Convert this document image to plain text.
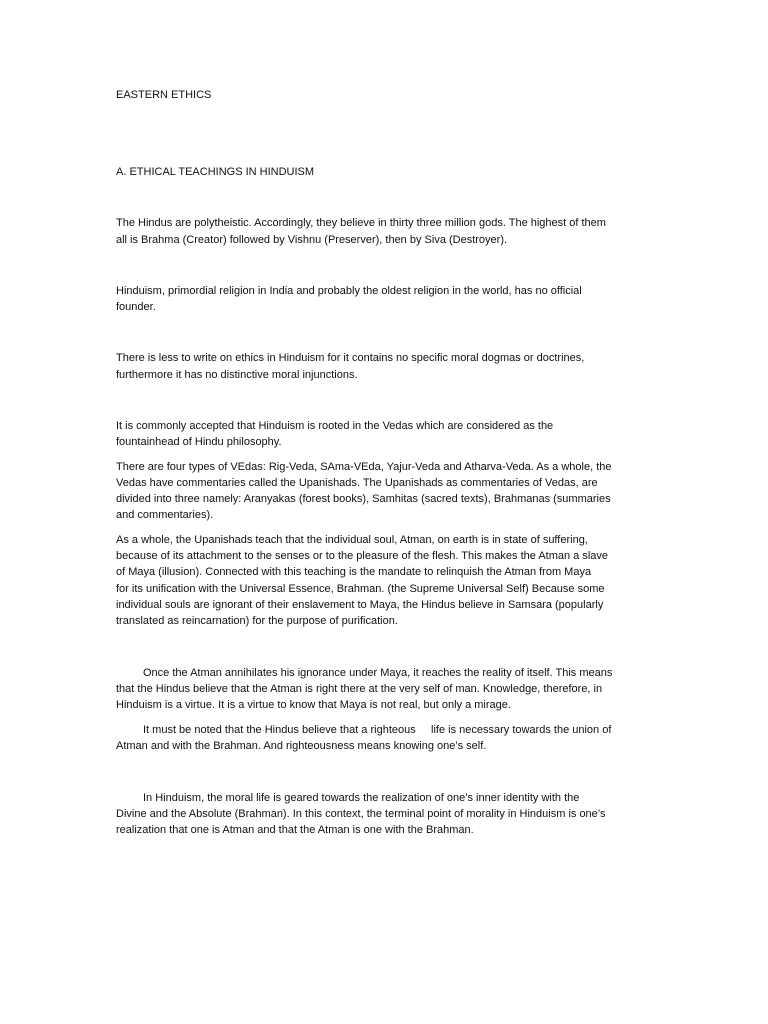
EASTERN ETHICS

A. ETHICAL TEACHINGS IN HINDUISM

The Hindus are polytheistic. Accordingly, they believe in thirty three million gods. The highest of them

all is Brahma (Creator) followed by Vishnu (Preserver), then by Siva (Destroyer).

Hinduism, primordial religion in India and probably the oldest religion in the world, has no official

founder.

There is less to write on ethics in Hinduism for it contains no specific moral dogmas or doctrines,

furthermore it has no distinctive moral injunctions.

It is commonly accepted that Hinduism is rooted in the Vedas which are considered as the

fountainhead of Hindu philosophy.

There are four types of VEdas: Rig-Veda, SAma-VEda, Yajur-Veda and Atharva-Veda. As a whole, the

Vedas have commentaries called the Upanishads. The Upanishads as commentaries of Vedas, are

divided into three namely: Aranyakas (forest books), Samhitas (sacred texts), Brahmanas (summaries

and commentaries).

As a whole, the Upanishads teach that the individual soul, Atman, on earth is in state of suffering,

because of its attachment to the senses or to the pleasure of the flesh. This makes the Atman a slave

of Maya (illusion). Connected with this teaching is the mandate to relinquish the Atman from Maya

for its unification with the Universal Essence, Brahman. (the Supreme Universal Self) Because some

individual souls are ignorant of their enslavement to Maya, the Hindus believe in Samsara (popularly

translated as reincarnation) for the purpose of purification.

Once the Atman annihilates his ignorance under Maya, it reaches the reality of itself. This means

that the Hindus believe that the Atman is right there at the very self of man. Knowledge, therefore, in

Hinduism is a virtue. It is a virtue to know that Maya is not real, but only a mirage.

It must be noted that the Hindus believe that a righteous     life is necessary towards the union of

Atman and with the Brahman. And righteousness means knowing one’s self.

In Hinduism, the moral life is geared towards the realization of one’s inner identity with the

Divine and the Absolute (Brahman). In this context, the terminal point of morality in Hinduism is one’s

realization that one is Atman and that the Atman is one with the Brahman.
